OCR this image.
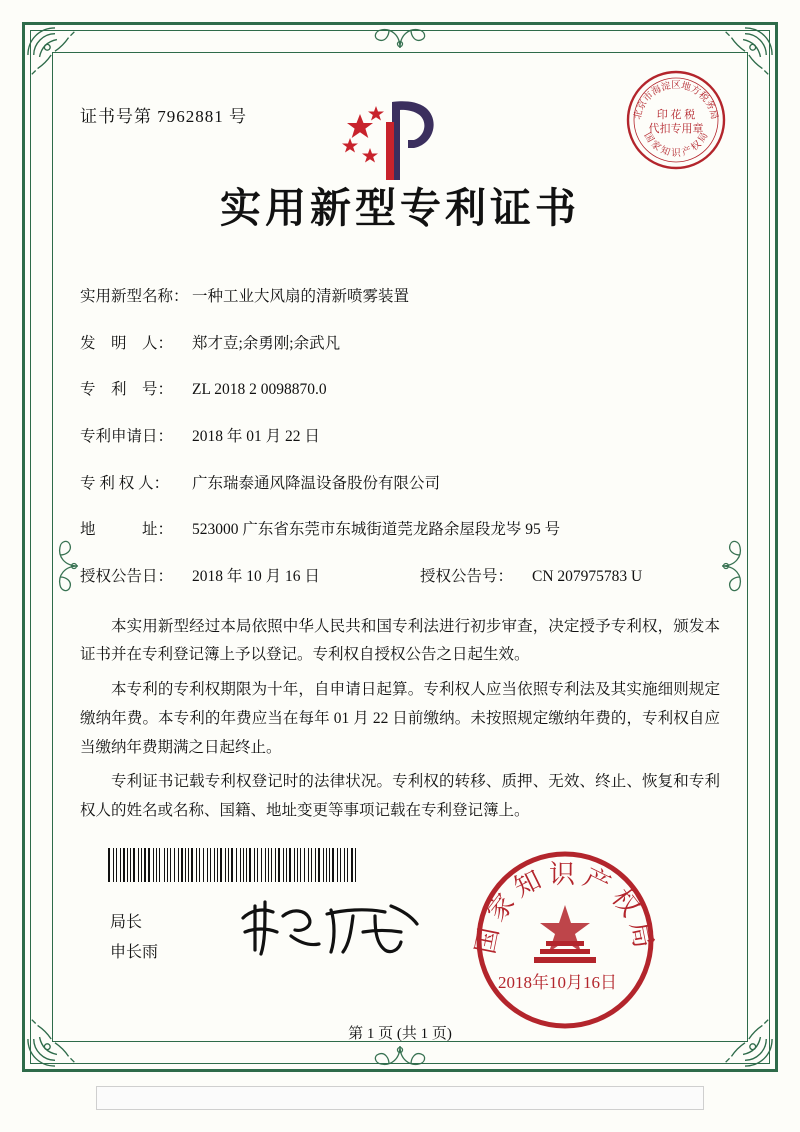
北京市海淀区地方税务局
国 家 知 识 产 权 局
印 花 税
代扣专用章
证书号第 7962881 号
实用新型专利证书
实用新型名称： 一种工业大风扇的清新喷雾装置
发　明　人：	郑才壴;余勇刚;余武凡
专　利　号：	ZL 2018 2 0098870.0
专利申请日：	2018 年 01 月 22 日
专 利 权 人：	广东瑞泰通风降温设备股份有限公司
地　　　址：	523000 广东省东莞市东城街道莞龙路余屋段龙岑 95 号
授权公告日：	2018 年 10 月 16 日	授权公告号：	CN 207975783 U

本实用新型经过本局依照中华人民共和国专利法进行初步审查，决定授予专利权，颁发本证书并在专利登记簿上予以登记。专利权自授权公告之日起生效。

本专利的专利权期限为十年，自申请日起算。专利权人应当依照专利法及其实施细则规定缴纳年费。本专利的年费应当在每年 01 月 22 日前缴纳。未按照规定缴纳年费的，专利权自应当缴纳年费期满之日起终止。

专利证书记载专利权登记时的法律状况。专利权的转移、质押、无效、终止、恢复和专利权人的姓名或名称、国籍、地址变更等事项记载在专利登记簿上。

局长
申长雨	国家知识产权局
2018年10月16日
第 1 页 (共 1 页)
